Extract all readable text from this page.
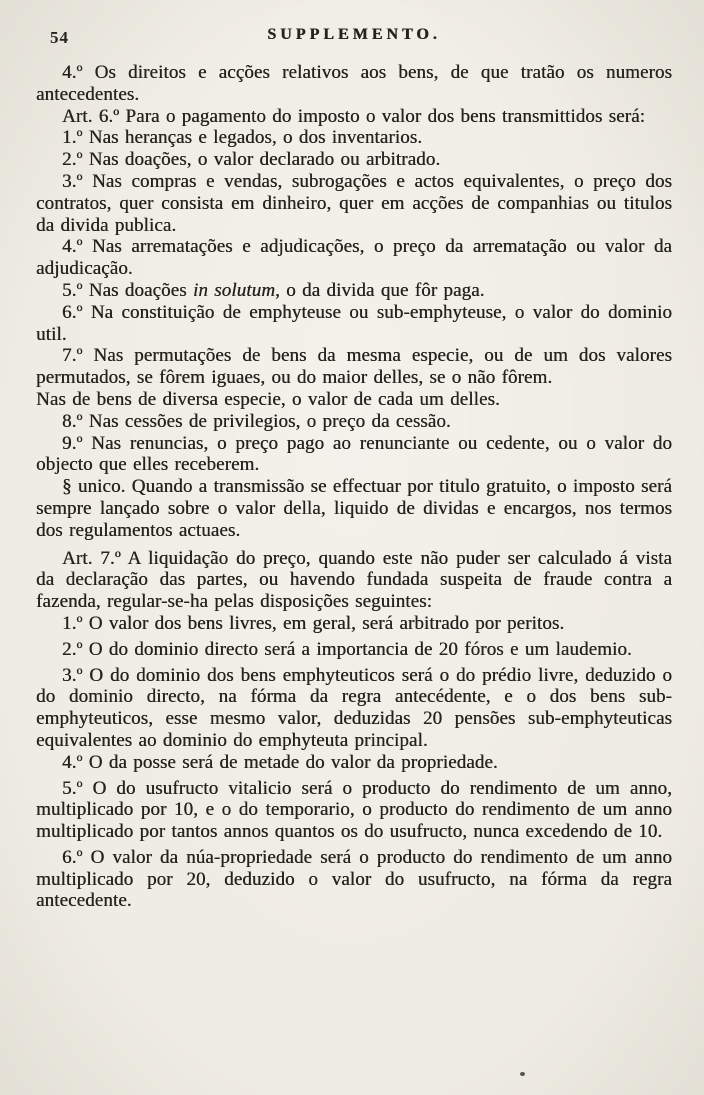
54	SUPPLEMENTO.

4.º Os direitos e acções relativos aos bens, de que tratão os numeros antecedentes.

Art. 6.º Para o pagamento do imposto o valor dos bens transmittidos será:

1.º Nas heranças e legados, o dos inventarios.

2.º Nas doações, o valor declarado ou arbitrado.

3.º Nas compras e vendas, subrogações e actos equivalentes, o preço dos contratos, quer consista em dinheiro, quer em acções de companhias ou titulos da divida publica.

4.º Nas arrematações e adjudicações, o preço da arrematação ou valor da adjudicação.

5.º Nas doações in solutum, o da divida que fôr paga.

6.º Na constituição de emphyteuse ou sub-emphyteuse, o valor do dominio util.

7.º Nas permutações de bens da mesma especie, ou de um dos valores permutados, se fôrem iguaes, ou do maior delles, se o não fôrem.

Nas de bens de diversa especie, o valor de cada um delles.

8.º Nas cessões de privilegios, o preço da cessão.

9.º Nas renuncias, o preço pago ao renunciante ou cedente, ou o valor do objecto que elles receberem.

§ unico. Quando a transmissão se effectuar por titulo gratuito, o imposto será sempre lançado sobre o valor della, liquido de dividas e encargos, nos termos dos regulamentos actuaes.

Art. 7.º A liquidação do preço, quando este não puder ser calculado á vista da declaração das partes, ou havendo fundada suspeita de fraude contra a fazenda, regular-se-ha pelas disposições seguintes:

1.º O valor dos bens livres, em geral, será arbitrado por peritos.

2.º O do dominio directo será a importancia de 20 fóros e um laudemio.

3.º O do dominio dos bens emphyteuticos será o do prédio livre, deduzido o do dominio directo, na fórma da regra antecédente, e o dos bens sub-emphyteuticos, esse mesmo valor, deduzidas 20 pensões sub-emphyteuticas equivalentes ao dominio do emphyteuta principal.

4.º O da posse será de metade do valor da propriedade.

5.º O do usufructo vitalicio será o producto do rendimento de um anno, multiplicado por 10, e o do temporario, o producto do rendimento de um anno multiplicado por tantos annos quantos os do usufructo, nunca excedendo de 10.

6.º O valor da núa-propriedade será o producto do rendimento de um anno multiplicado por 20, deduzido o valor do usufructo, na fórma da regra antecedente.
